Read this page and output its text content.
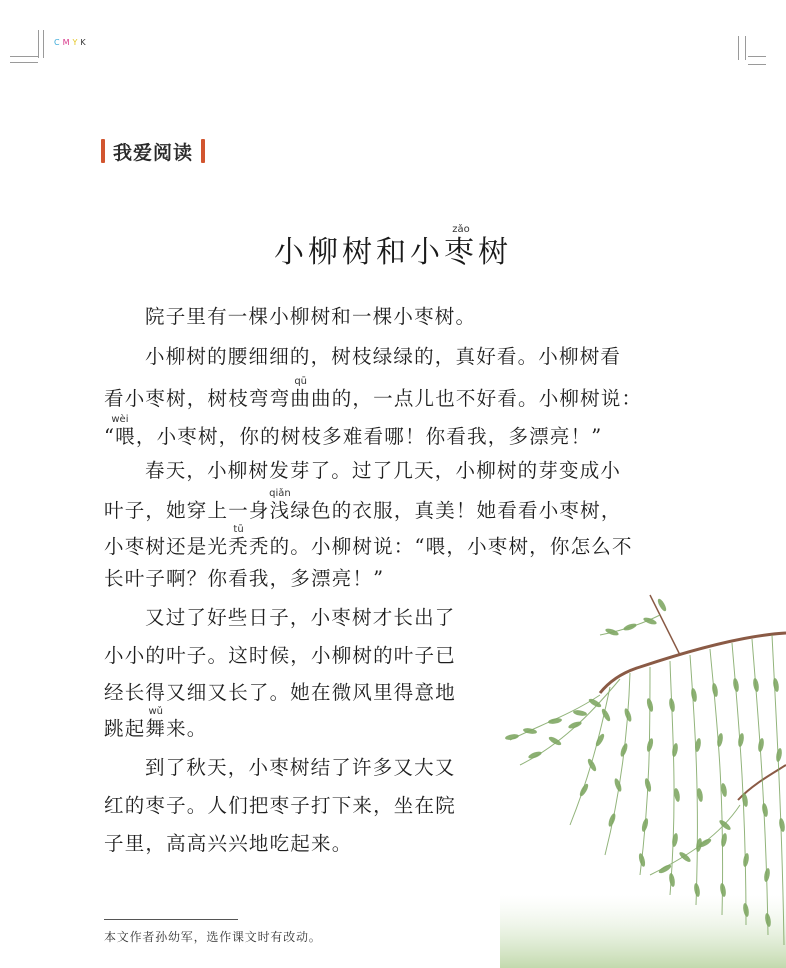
CMYK
我爱阅读
小柳树和小枣zǎo树
院子里有一棵小柳树和一棵小枣树。
小柳树的腰细细的，树枝绿绿的，真好看。小柳树看
看小枣树，树枝弯弯曲qū曲的，一点儿也不好看。小柳树说：
“喂wèi，小枣树，你的树枝多难看哪！你看我，多漂亮！”
春天，小柳树发芽了。过了几天，小柳树的芽变成小
叶子，她穿上一身浅qiǎn绿色的衣服，真美！她看看小枣树，
小枣树还是光秃tū秃的。小柳树说：“喂，小枣树，你怎么不
长叶子啊？你看我，多漂亮！”
又过了好些日子，小枣树才长出了
小小的叶子。这时候，小柳树的叶子已
经长得又细又长了。她在微风里得意地
跳起舞wǔ来。
到了秋天，小枣树结了许多又大又
红的枣子。人们把枣子打下来，坐在院
子里，高高兴兴地吃起来。
本文作者孙幼军，选作课文时有改动。
